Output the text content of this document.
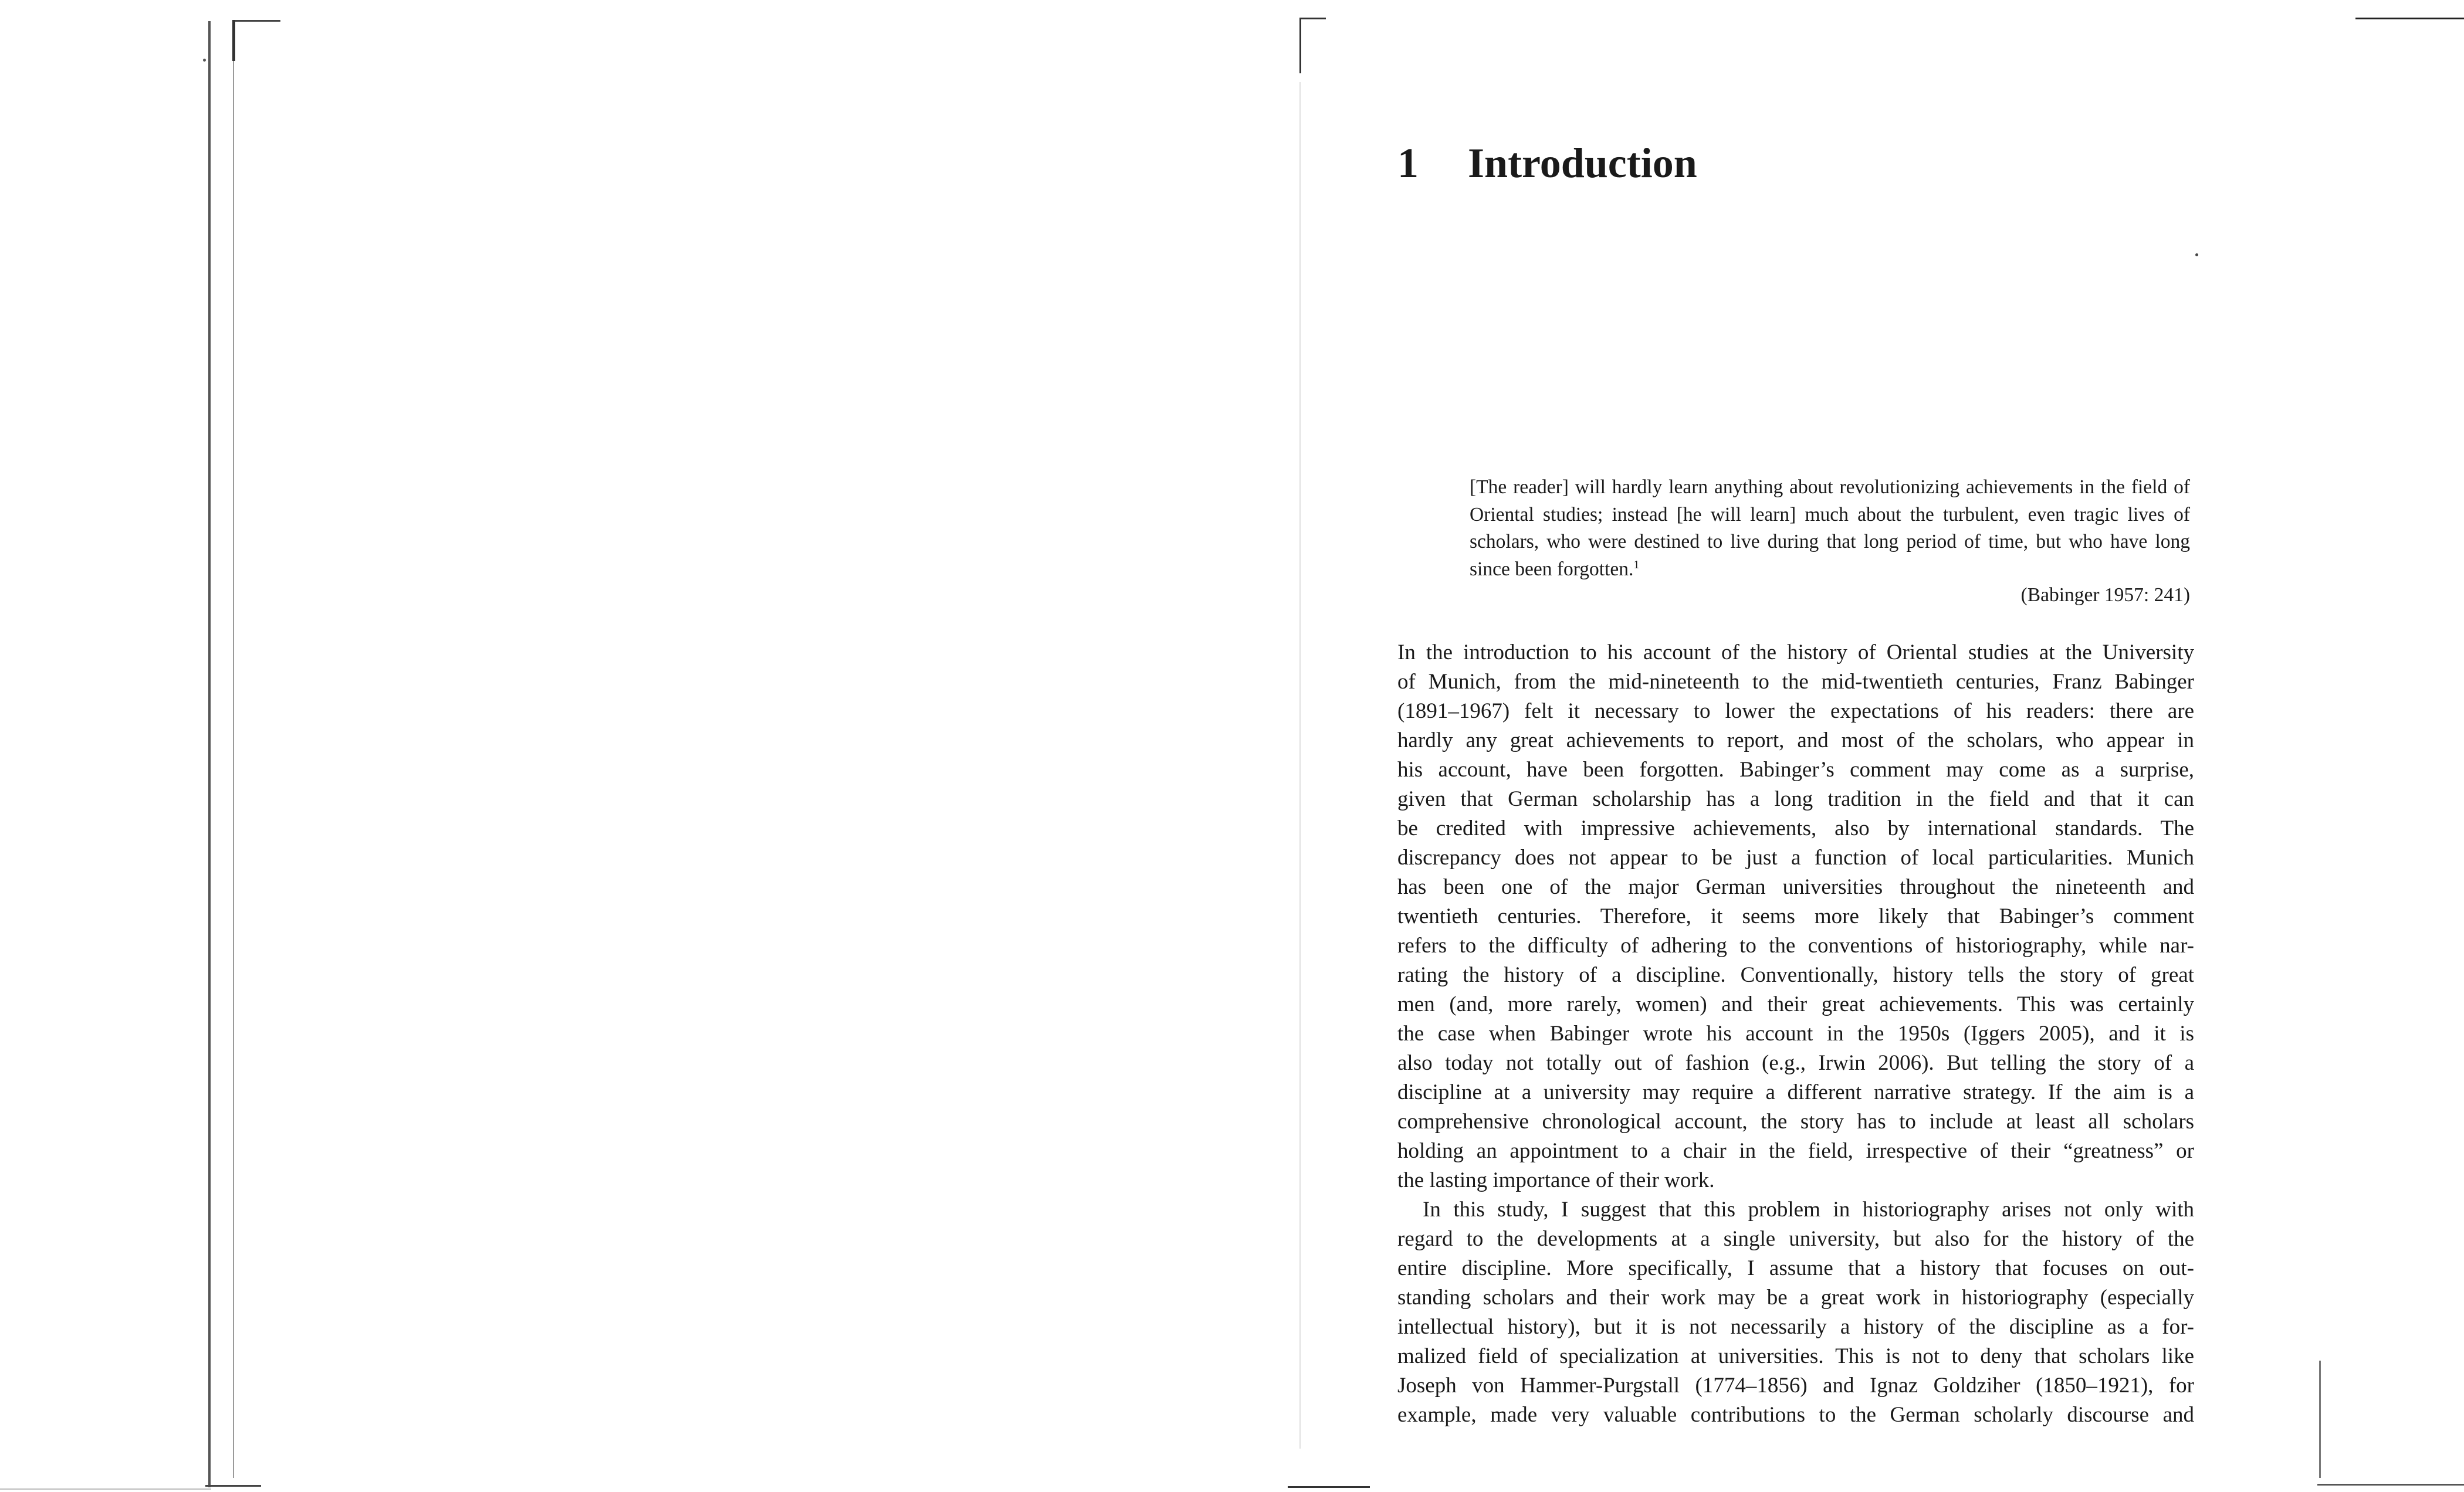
1 Introduction

[The reader] will hardly learn anything about revolutionizing achievements in the field of Oriental studies; instead [he will learn] much about the turbulent, even tragic lives of scholars, who were destined to live during that long period of time, but who have long since been forgotten.$^1$

(Babinger 1957: 241)

In the introduction to his account of the history of Oriental studies at the University

of Munich, from the mid-nineteenth to the mid-twentieth centuries, Franz Babinger

(1891–1967) felt it necessary to lower the expectations of his readers: there are

hardly any great achievements to report, and most of the scholars, who appear in

his account, have been forgotten. Babinger’s comment may come as a surprise,

given that German scholarship has a long tradition in the field and that it can

be credited with impressive achievements, also by international standards. The

discrepancy does not appear to be just a function of local particularities. Munich

has been one of the major German universities throughout the nineteenth and

twentieth centuries. Therefore, it seems more likely that Babinger’s comment

refers to the difficulty of adhering to the conventions of historiography, while nar-

rating the history of a discipline. Conventionally, history tells the story of great

men (and, more rarely, women) and their great achievements. This was certainly

the case when Babinger wrote his account in the 1950s (Iggers 2005), and it is

also today not totally out of fashion (e.g., Irwin 2006). But telling the story of a

discipline at a university may require a different narrative strategy. If the aim is a

comprehensive chronological account, the story has to include at least all scholars

holding an appointment to a chair in the field, irrespective of their “greatness” or

the lasting importance of their work.

In this study, I suggest that this problem in historiography arises not only with

regard to the developments at a single university, but also for the history of the

entire discipline. More specifically, I assume that a history that focuses on out-

standing scholars and their work may be a great work in historiography (especially

intellectual history), but it is not necessarily a history of the discipline as a for-

malized field of specialization at universities. This is not to deny that scholars like

Joseph von Hammer-Purgstall (1774–1856) and Ignaz Goldziher (1850–1921), for

example, made very valuable contributions to the German scholarly discourse and
